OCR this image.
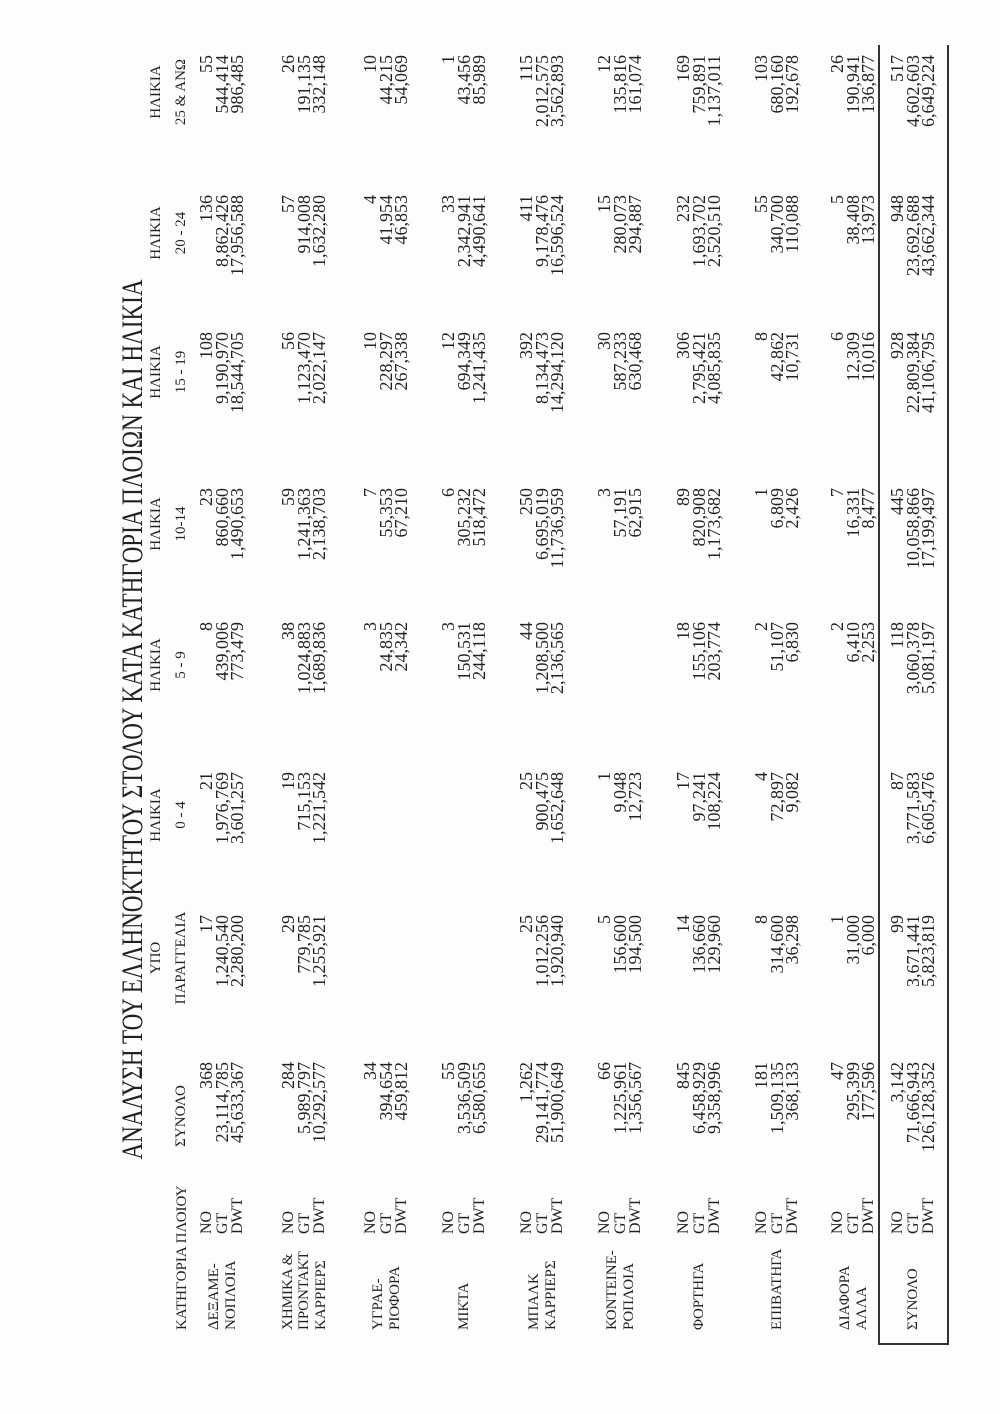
ΑΝΑΛΥΣΗ ΤΟΥ ΕΛΛΗΝΟΚΤΗΤΟΥ ΣΤΟΛΟΥ ΚΑΤΑ ΚΑΤΗΓΟΡΙΑ ΠΛΟΙΩΝ ΚΑΙ ΗΛΙΚΙΑ
ΚΑΤΗΓΟΡΙΑ ΠΛΟΙΟΥ
ΣΥΝΟΛΟ
ΥΠΟ ΠΑΡΑΓΓΕΛΙΑ
ΗΛΙΚΙΑ 0 - 4
ΗΛΙΚΙΑ 5 - 9
ΗΛΙΚΙΑ 10-14
ΗΛΙΚΙΑ 15 - 19
ΗΛΙΚΙΑ 20 - 24
ΗΛΙΚΙΑ 25 & ΑΝΩ
ΔΕΞΑΜΕ- ΝΟΠΛΟΙΑ
NO
GT
DWT
368
23,114,785
45,633,367
17
1,240,540
2,280,200
21
1,976,769
3,601,257
8
439,006
773,479
23
860,660
1,490,653
108
9,190,970
18,544,705
136
8,862,426
17,956,588
55
544,414
986,485
ΧΗΜΙΚΑ & ΠΡΟΝΤΑΚΤ ΚΑΡΡΙΕΡΣ
NO
GT
DWT
284
5,989,797
10,292,577
29
779,785
1,255,921
19
715,153
1,221,542
38
1,024,883
1,689,836
59
1,241,363
2,138,703
56
1,123,470
2,022,147
57
914,008
1,632,280
26
191,135
332,148
ΥΓΡΑΕ- ΡΙΟΦΟΡΑ
NO
GT
DWT
34
394,654
459,812
3
24,835
24,342
7
55,353
67,210
10
228,297
267,338
4
41,954
46,853
10
44,215
54,069
ΜΙΚΤΑ
NO
GT
DWT
55
3,536,509
6,580,655
3
150,531
244,118
6
305,232
518,472
12
694,349
1,241,435
33
2,342,941
4,490,641
1
43,456
85,989
ΜΠΑΛΚ ΚΑΡΡΙΕΡΣ
NO
GT
DWT
1,262
29,141,774
51,900,649
25
1,012,256
1,920,940
25
900,475
1,652,648
44
1,208,500
2,136,565
250
6,695,019
11,736,959
392
8,134,473
14,294,120
411
9,178,476
16,596,524
115
2,012,575
3,562,893
ΚΟΝΤΕΙΝΕ- ΡΟΠΛΟΙΑ
NO
GT
DWT
66
1,225,961
1,356,567
5
156,600
194,500
1
9,048
12,723
3
57,191
62,915
30
587,233
630,468
15
280,073
294,887
12
135,816
161,074
ΦΟΡΤΗΓΑ
NO
GT
DWT
845
6,458,929
9,358,996
14
136,660
129,960
17
97,241
108,224
18
155,106
203,774
89
820,908
1,173,682
306
2,795,421
4,085,835
232
1,693,702
2,520,510
169
759,891
1,137,011
ΕΠΙΒΑΤΗΓΑ
NO
GT
DWT
181
1,509,135
368,133
8
314,600
36,298
4
72,897
9,082
2
51,107
6,830
1
6,809
2,426
8
42,862
10,731
55
340,700
110,088
103
680,160
192,678
ΔΙΑΦΟΡΑ ΑΛΛΑ
NO
GT
DWT
47
295,399
177,596
1
31,000
6,000
2
6,410
2,253
7
16,331
8,477
6
12,309
10,016
5
38,408
13,973
26
190,941
136,877
ΣΥΝΟΛΟ
NO
GT
DWT
3,142
71,666,943
126,128,352
99
3,671,441
5,823,819
87
3,771,583
6,605,476
118
3,060,378
5,081,197
445
10,058,866
17,199,497
928
22,809,384
41,106,795
948
23,692,688
43,662,344
517
4,602,603
6,649,224
